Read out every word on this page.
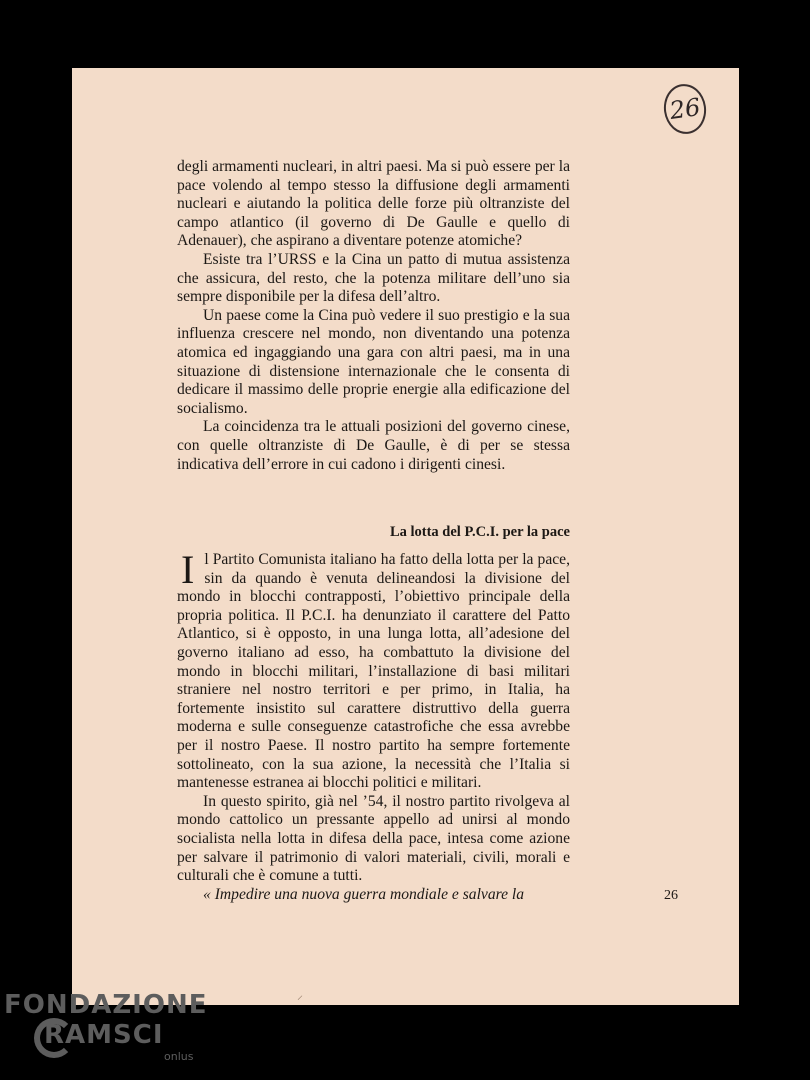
26

degli armamenti nucleari, in altri paesi. Ma si può essere per la pace volendo al tempo stesso la diffusione degli armamenti nucleari e aiutando la politica delle forze più oltranziste del campo atlantico (il governo di De Gaulle e quello di Adenauer), che aspirano a diventare potenze atomiche?

Esiste tra l’URSS e la Cina un patto di mutua assistenza che assicura, del resto, che la potenza militare dell’uno sia sempre disponibile per la difesa dell’altro.

Un paese come la Cina può vedere il suo prestigio e la sua influenza crescere nel mondo, non diventando una potenza atomica ed ingaggiando una gara con altri paesi, ma in una situazione di distensione internazionale che le consenta di dedicare il massimo delle proprie energie alla edificazione del socialismo.

La coincidenza tra le attuali posizioni del governo cinese, con quelle oltranziste di De Gaulle, è di per se stessa indicativa dell’errore in cui cadono i dirigenti cinesi.

La lotta del P.C.I. per la pace

Il Partito Comunista italiano ha fatto della lotta per la pace, sin da quando è venuta delineandosi la divisione del mondo in blocchi contrapposti, l’obiettivo principale della propria politica. Il P.C.I. ha denunziato il carattere del Patto Atlantico, si è opposto, in una lunga lotta, all’adesione del governo italiano ad esso, ha combattuto la divisione del mondo in blocchi militari, l’installazione di basi militari straniere nel nostro territori e per primo, in Italia, ha fortemente insistito sul carattere distruttivo della guerra moderna e sulle conseguenze catastrofiche che essa avrebbe per il nostro Paese. Il nostro partito ha sempre fortemente sottolineato, con la sua azione, la necessità che l’Italia si mantenesse estranea ai blocchi politici e militari.

In questo spirito, già nel ’54, il nostro partito rivolgeva al mondo cattolico un pressante appello ad unirsi al mondo socialista nella lotta in difesa della pace, intesa come azione per salvare il patrimonio di valori materiali, civili, morali e culturali che è comune a tutti.

« Impedire una nuova guerra mondiale e salvare la	26
⸝
FONDAZIONE
RAMSCI
onlus
